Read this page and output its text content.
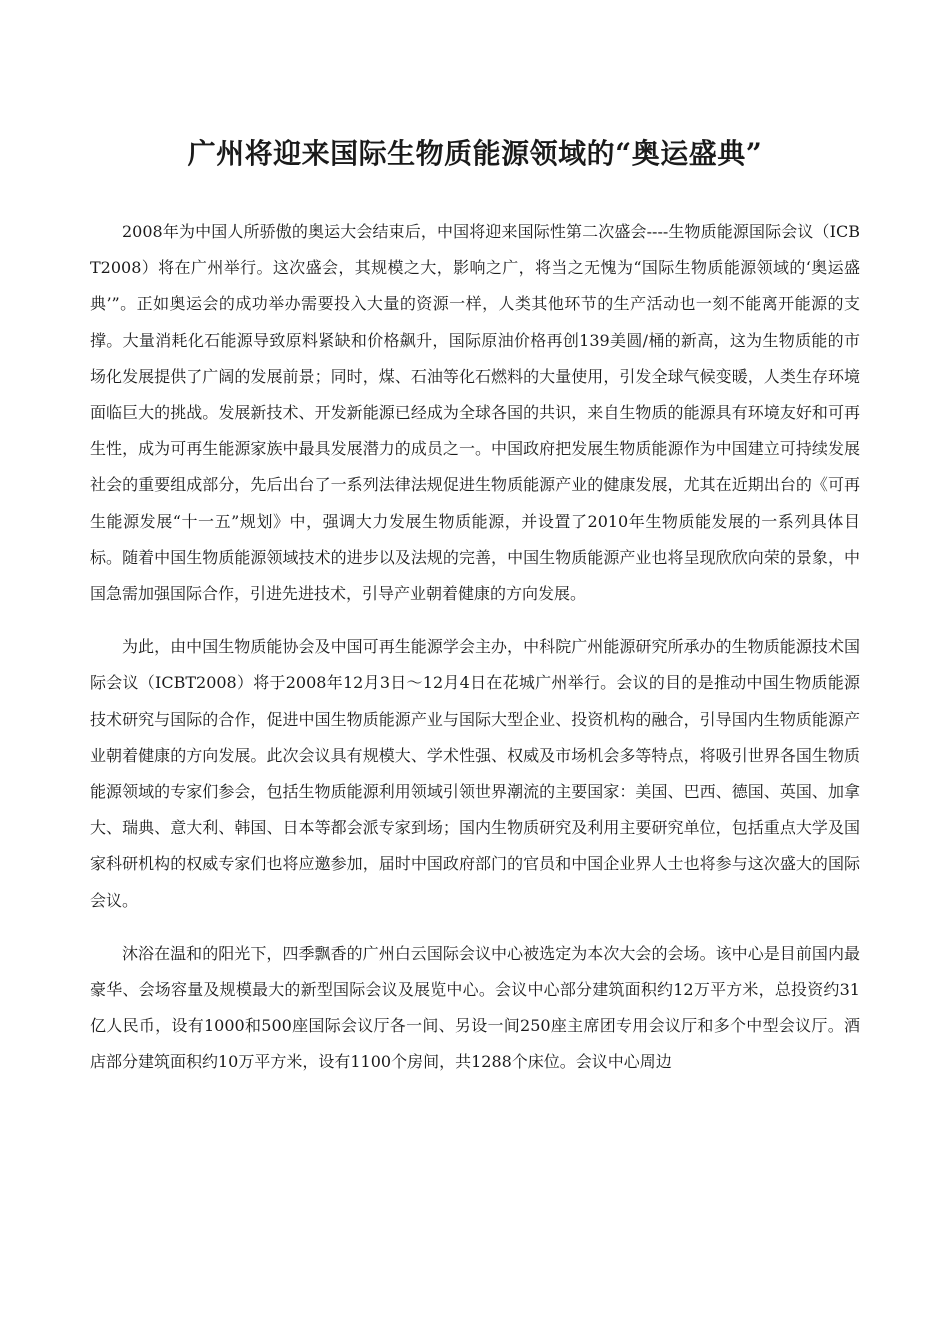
广州将迎来国际生物质能源领域的“奥运盛典”

2008年为中国人所骄傲的奥运大会结束后，中国将迎来国际性第二次盛会----生物质能源国际会议（ICBT2008）将在广州举行。这次盛会，其规模之大，影响之广，将当之无愧为“国际生物质能源领域的‘奥运盛典’”。正如奥运会的成功举办需要投入大量的资源一样，人类其他环节的生产活动也一刻不能离开能源的支撑。大量消耗化石能源导致原料紧缺和价格飙升，国际原油价格再创139美圆/桶的新高，这为生物质能的市场化发展提供了广阔的发展前景；同时，煤、石油等化石燃料的大量使用，引发全球气候变暖，人类生存环境面临巨大的挑战。发展新技术、开发新能源已经成为全球各国的共识，来自生物质的能源具有环境友好和可再生性，成为可再生能源家族中最具发展潜力的成员之一。中国政府把发展生物质能源作为中国建立可持续发展社会的重要组成部分，先后出台了一系列法律法规促进生物质能源产业的健康发展，尤其在近期出台的《可再生能源发展“十一五”规划》中，强调大力发展生物质能源，并设置了2010年生物质能发展的一系列具体目标。随着中国生物质能源领域技术的进步以及法规的完善，中国生物质能源产业也将呈现欣欣向荣的景象，中国急需加强国际合作，引进先进技术，引导产业朝着健康的方向发展。

为此，由中国生物质能协会及中国可再生能源学会主办，中科院广州能源研究所承办的生物质能源技术国际会议（ICBT2008）将于2008年12月3日～12月4日在花城广州举行。会议的目的是推动中国生物质能源技术研究与国际的合作，促进中国生物质能源产业与国际大型企业、投资机构的融合，引导国内生物质能源产业朝着健康的方向发展。此次会议具有规模大、学术性强、权威及市场机会多等特点，将吸引世界各国生物质能源领域的专家们参会，包括生物质能源利用领域引领世界潮流的主要国家：美国、巴西、德国、英国、加拿大、瑞典、意大利、韩国、日本等都会派专家到场；国内生物质研究及利用主要研究单位，包括重点大学及国家科研机构的权威专家们也将应邀参加，届时中国政府部门的官员和中国企业界人士也将参与这次盛大的国际会议。

沐浴在温和的阳光下，四季飘香的广州白云国际会议中心被选定为本次大会的会场。该中心是目前国内最豪华、会场容量及规模最大的新型国际会议及展览中心。会议中心部分建筑面积约12万平方米，总投资约31亿人民币，设有1000和500座国际会议厅各一间、另设一间250座主席团专用会议厅和多个中型会议厅。酒店部分建筑面积约10万平方米，设有1100个房间，共1288个床位。会议中心周边
